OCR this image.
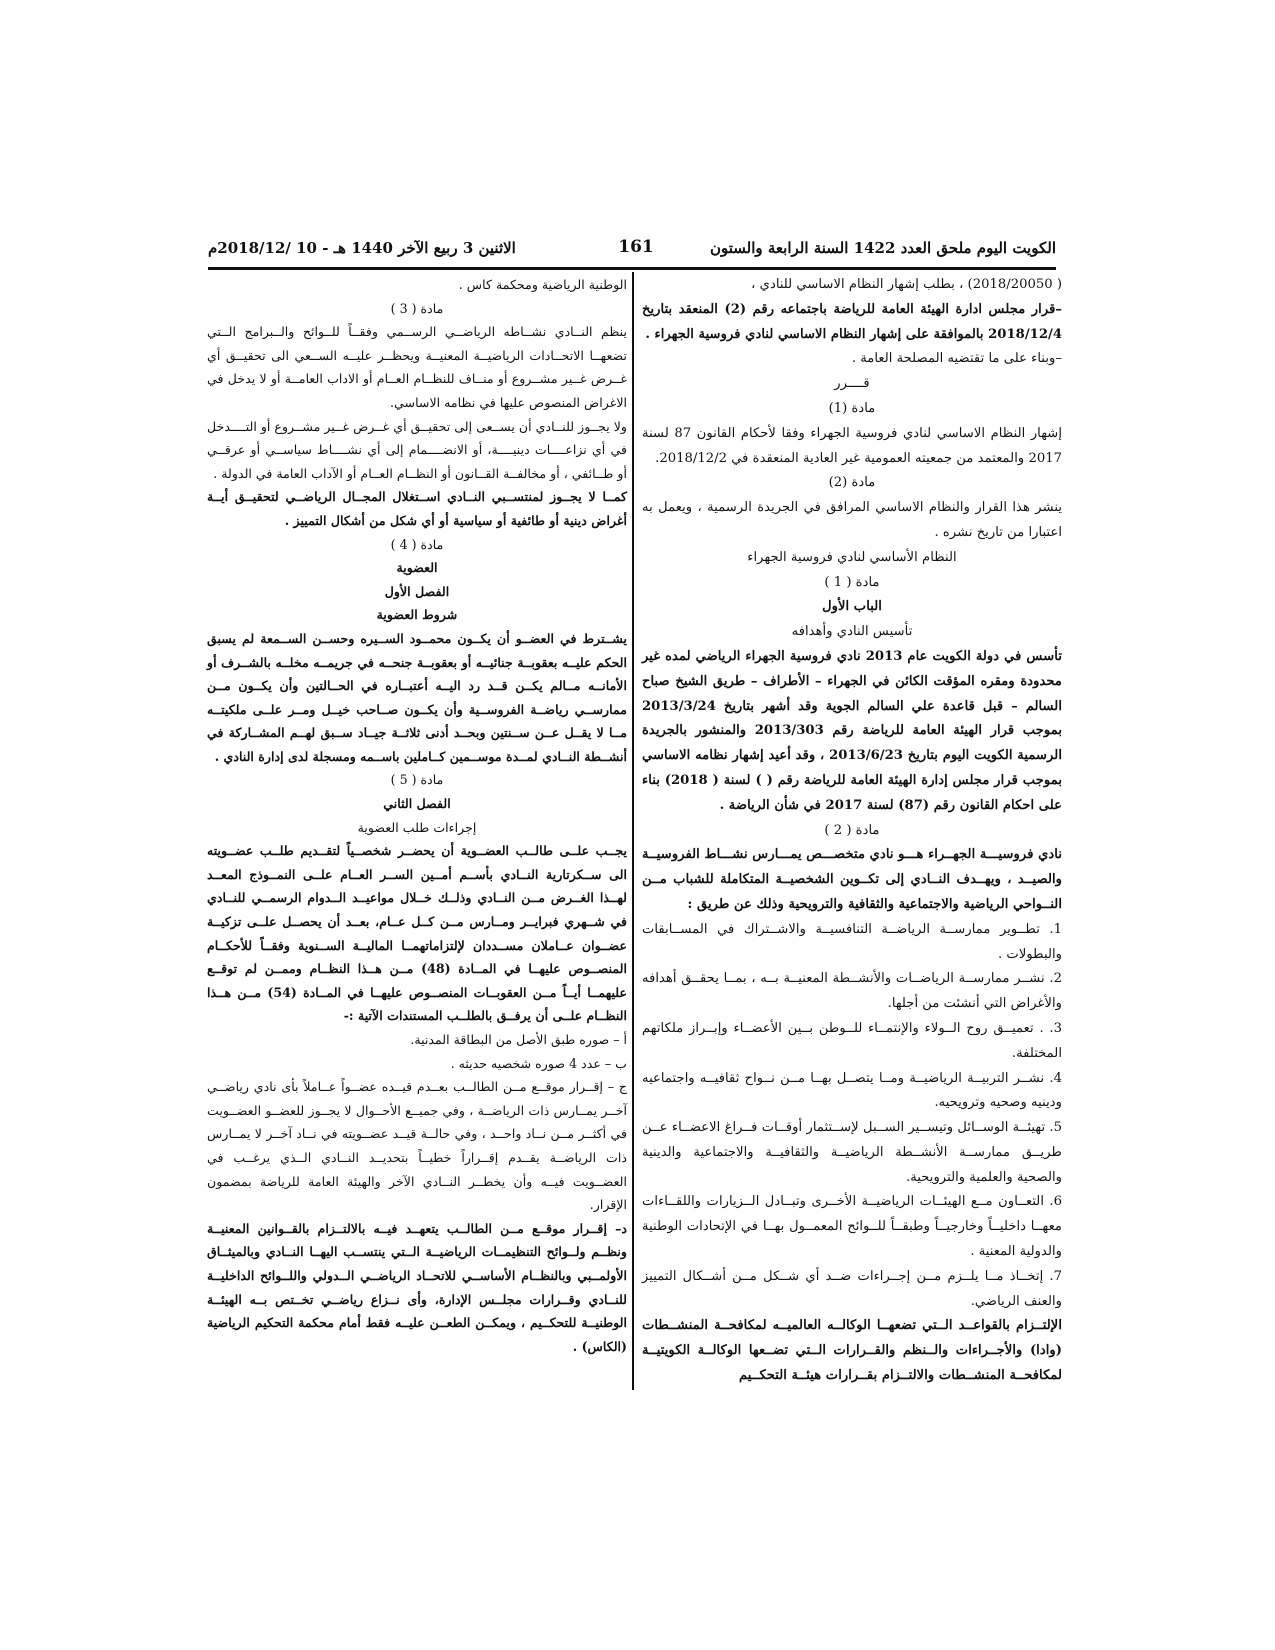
الاثنين 3 ربيع الآخر 1440 هـ - 10 /2018/12م	161	الكويت اليوم ملحق العدد 1422 السنة الرابعة والستون

( 2018/20050) ، بطلب إشهار النظام الاساسي للنادي ،

–قرار مجلس ادارة الهيئة العامة للرياضة باجتماعه رقم (2) المنعقد بتاريخ 2018/12/4 بالموافقة على إشهار النظام الاساسي لنادي فروسية الجهراء .

–وبناء على ما تقتضيه المصلحة العامة .

قــــرر

مادة (1)

إشهار النظام الاساسي لنادي فروسية الجهراء وفقا لأحكام القانون 87 لسنة 2017 والمعتمد من جمعيته العمومية غير العادية المنعقدة في 2018/12/2.

مادة (2)

ينشر هذا القرار والنظام الاساسي المرافق في الجريدة الرسمية ، ويعمل به اعتبارا من تاريخ نشره .

النظام الأساسي لنادي فروسية الجهراء

مادة ( 1 )

الباب الأول

تأسيس النادي وأهدافه

تأسس في دولة الكويت عام 2013 نادي فروسية الجهراء الرياضي لمده غير محدودة ومقره المؤقت الكائن في الجهراء – الأطراف – طريق الشيخ صباح السالم – قبل قاعدة علي السالم الجوية وقد أشهر بتاريخ 2013/3/24 بموجب قرار الهيئة العامة للرياضة رقم 2013/303 والمنشور بالجريدة الرسمية الكويت اليوم بتاريخ 2013/6/23 ، وقد أعيد إشهار نظامه الاساسي بموجب قرار مجلس إدارة الهيئة العامة للرياضة رقم ( ) لسنة ( 2018) بناء على احكام القانون رقم (87) لسنة 2017 في شأن الرياضة .

مادة ( 2 )

نادي فروسيـــة الجهــراء هـــو نادي متخصـــص يمـــارس نشـــاط الفروسيــة والصيــد ، ويهــدف النــادي إلى تكــوين الشخصيــة المتكاملة للشباب مــن النــواحي الرياضية والاجتماعية والثقافية والترويحية وذلك عن طريق :

1. تطــوير ممارســة الرياضــة التنافسيــة والاشــتراك في المســابقات والبطولات .

2. نشــر ممارســة الرياضــات والأنشــطة المعنيــة بــه ، بمــا يحقــق أهدافه والأغراض التي أنشئت من أجلها.

3. . تعميــق روح الــولاء والإنتمــاء للــوطن بــين الأعضــاء وإبــراز ملكاتهم المختلفة.

4. نشــر التربيــة الرياضيــة ومــا يتصــل بهــا مــن نــواح ثقافيــه واجتماعيه ودينيه وصحيه وترويحيه.

5. تهيئــة الوســائل وتيســير الســبل لإســتثمار أوقــات فــراغ الاعضــاء عــن طريــق ممارســة الأنشــطة الرياضيــة والثقافيــة والاجتماعية والدينية والصحية والعلمية والترويحية.

6. التعــاون مــع الهيئــات الرياضيــة الأخــرى وتبــادل الــزيارات واللقــاءات معهــا داخليــاً وخارجيــاً وطبقــاً للــوائح المعمــول بهــا في الإتحادات الوطنية والدولية المعنية .

7. إتخــاذ مــا يلــزم مــن إجــراءات ضــد أي شــكل مــن أشــكال التمييز والعنف الرياضي.

الإلتــزام بالقواعــد الــتي تضعهــا الوكالــه العالميــه لمكافحــة المنشــطات (وادا) والأجــراءات والــنظم والقــرارات الــتي تضــعها الوكالــة الكويتيــة لمكافحــة المنشــطات والالتــزام بقــرارات هيئــة التحكــيم

الوطنية الرياضية ومحكمة كاس .

مادة ( 3 )

ينظم النــادي نشــاطه الرياضــي الرســمي وفقــاً للــوائح والــبرامج الــتي تضعهــا الاتحــادات الرياضيــة المعنيــة ويحظــر عليــه الســعي الى تحقيــق أي غــرض غــير مشــروع أو منــاف للنظــام العــام أو الاداب العامــة أو لا يدخل في الاغراض المنصوص عليها في نظامه الاساسي.

ولا يجــوز للنــادي أن يســعى إلى تحقيــق أي غــرض غــير مشــروع أو التــــدخل في أي نزاعــــات دينيــــة، أو الانضــــمام إلى أي نشــــاط سياســي أو عرقــي أو طــائفي ، أو مخالفــة القــانون أو النظــام العــام أو الآداب العامة في الدولة .

كمــا لا يجــوز لمنتســبي النــادي اســتغلال المجــال الرياضــي لتحقيــق أيــة أغراض دينية أو طائفية أو سياسية أو أي شكل من أشكال التمييز .

مادة ( 4 )

العضوية

الفصل الأول

شروط العضوية

يشــترط في العضــو أن يكــون محمــود الســيره وحســن الســمعة لم يسبق الحكم عليــه بعقوبــة جنائيــه أو بعقوبــة جنحــه في جريمــه مخلــه بالشــرف أو الأمانــه مــالم يكــن قــد رد اليــه أعتبــاره في الحــالتين وأن يكــون مــن ممارســي رياضــة الفروســية وأن يكــون صــاحب خيــل ومــر علــى ملكيتــه مــا لا يقــل عــن ســنتين وبحــد أدنى ثلاثــة جيــاد ســبق لهــم المشــاركة في أنشــطة النــادي لمــدة موســمين كــاملين باســمه ومسجلة لدى إدارة النادي .

مادة ( 5 )

الفصل الثاني

إجراءات طلب العضوية

يجــب علــى طالــب العضــوية أن يحضــر شخصــياً لتقــديم طلــب عضــويته الى ســكرتارية النــادي بأســم أمــين الســر العــام علــى النمــوذج المعــد لهــذا الغــرض مــن النــادي وذلــك خــلال مواعيــد الــدوام الرسمــي للنــادي في شــهري فبرايــر ومــارس مــن كــل عــام، بعــد أن يحصــل علــى تزكيــة عضــوان عــاملان مســددان لإلتزاماتهمــا الماليــة الســنوية وفقــاً للأحكــام المنصــوص عليهــا في المــادة (48) مــن هــذا النظــام وممــن لم توقــع عليهمــا أيــاً مــن العقوبــات المنصــوص عليهــا في المــادة (54) مــن هــذا النظــام علــى أن يرفــق بالطلــب المستندات الآتية :-

أ – صوره طبق الأصل من البطاقة المدنية.

ب – عدد 4 صوره شخصيه حديثه .

ج – إقــرار موقــع مــن الطالــب بعــدم قيــده عضــواً عــاملاً بأى نادي رياضــي آخــر يمــارس ذات الرياضــة ، وفي جميــع الأحــوال لا يجــوز للعضــو العضــويت في أكثــر مــن نــاد واحــد ، وفي حالــة قيــد عضــويته في نــاد آخــر لا يمــارس ذات الرياضــة يقــدم إقــراراً خطيــاً بتحديــد النــادي الــذي يرغــب في العضــويت فيــه وأن يخطــر النــادي الآخر والهيئة العامة للرياضة بمضمون الإقرار.

د– إقــرار موقــع مــن الطالــب يتعهــد فيــه بالالتــزام بالقــوانين المعنيــة ونظــم ولــوائح التنظيمــات الرياضيــة الــتي ينتســب اليهــا النــادي وبالميثــاق الأولمــبي وبالنظــام الأساســي للاتحــاد الرياضــي الــدولي واللــوائح الداخليــة للنــادي وقــرارات مجلــس الإدارة، وأى نــزاع رياضــي تخــتص بــه الهيئــة الوطنيــة للتحكــيم ، ويمكــن الطعــن عليــه فقط أمام محكمة التحكيم الرياضية (الكاس) .
